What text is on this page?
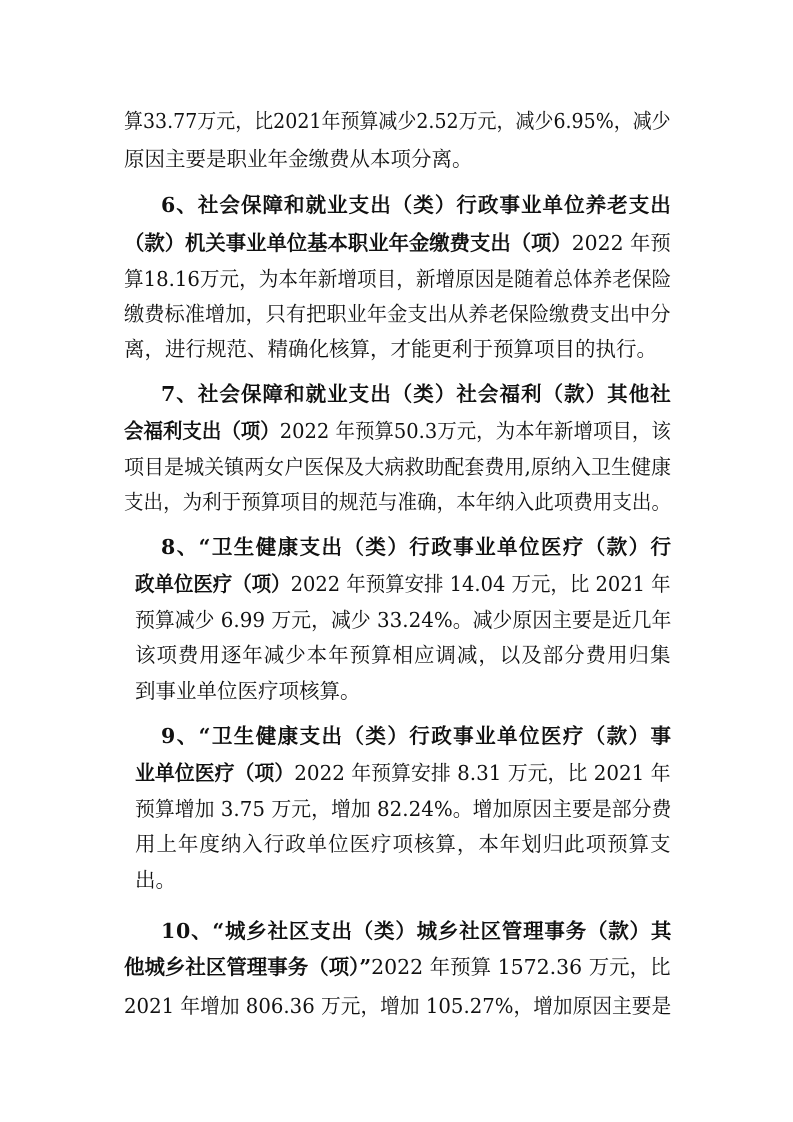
算33.77万元，比2021年预算减少2.52万元，减少6.95%，减少
原因主要是职业年金缴费从本项分离。
6、社会保障和就业支出（类）行政事业单位养老支出
（款）机关事业单位基本职业年金缴费支出（项）2022 年预
算18.16万元，为本年新增项目，新增原因是随着总体养老保险
缴费标准增加，只有把职业年金支出从养老保险缴费支出中分
离，进行规范、精确化核算，才能更利于预算项目的执行。
7、社会保障和就业支出（类）社会福利（款）其他社
会福利支出（项）2022 年预算50.3万元，为本年新增项目，该
项目是城关镇两女户医保及大病救助配套费用,原纳入卫生健康
支出，为利于预算项目的规范与准确，本年纳入此项费用支出。
8、“卫生健康支出（类）行政事业单位医疗（款）行
政单位医疗（项）2022 年预算安排 14.04 万元，比 2021 年
预算减少 6.99 万元，减少 33.24%。减少原因主要是近几年
该项费用逐年减少本年预算相应调减，以及部分费用归集
到事业单位医疗项核算。
9、“卫生健康支出（类）行政事业单位医疗（款）事
业单位医疗（项）2022 年预算安排 8.31 万元，比 2021 年
预算增加 3.75 万元，增加 82.24%。增加原因主要是部分费
用上年度纳入行政单位医疗项核算，本年划归此项预算支
出。
10、“城乡社区支出（类）城乡社区管理事务（款）其
他城乡社区管理事务（项）”2022 年预算 1572.36 万元，比
2021 年增加 806.36 万元，增加 105.27%，增加原因主要是
